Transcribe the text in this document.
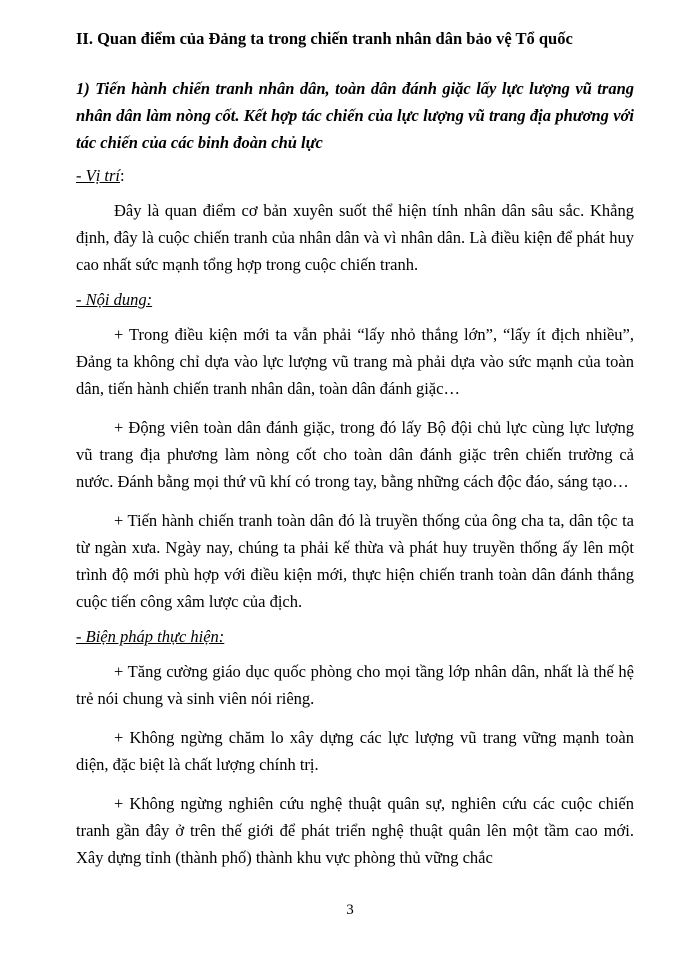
II. Quan điểm của Đảng ta trong chiến tranh nhân dân bảo vệ Tổ quốc
1) Tiến hành chiến tranh nhân dân, toàn dân đánh giặc lấy lực lượng vũ trang nhân dân làm nòng cốt. Kết hợp tác chiến của lực lượng vũ trang địa phương với tác chiến của các binh đoàn chủ lực
- Vị trí:
Đây là quan điểm cơ bản xuyên suốt thể hiện tính nhân dân sâu sắc. Khẳng định, đây là cuộc chiến tranh của nhân dân và vì nhân dân. Là điều kiện để phát huy cao nhất sức mạnh tổng hợp trong cuộc chiến tranh.
- Nội dung:
+ Trong điều kiện mới ta vẫn phải “lấy nhỏ thắng lớn”, “lấy ít địch nhiều”, Đảng ta không chỉ dựa vào lực lượng vũ trang mà phải dựa vào sức mạnh của toàn dân, tiến hành chiến tranh nhân dân, toàn dân đánh giặc…
+ Động viên toàn dân đánh giặc, trong đó lấy Bộ đội chủ lực cùng lực lượng vũ trang địa phương làm nòng cốt cho toàn dân đánh giặc trên chiến trường cả nước. Đánh bằng mọi thứ vũ khí có trong tay, bằng những cách độc đáo, sáng tạo…
+ Tiến hành chiến tranh toàn dân đó là truyền thống của ông cha ta, dân tộc ta từ ngàn xưa. Ngày nay, chúng ta phải kế thừa và phát huy truyền thống ấy lên một trình độ mới phù hợp với điều kiện mới, thực hiện chiến tranh toàn dân đánh thắng cuộc tiến công xâm lược của địch.
- Biện pháp thực hiện:
+ Tăng cường giáo dục quốc phòng cho mọi tầng lớp nhân dân, nhất là thế hệ trẻ nói chung và sinh viên nói riêng.
+ Không ngừng chăm lo xây dựng các lực lượng vũ trang vững mạnh toàn diện, đặc biệt là chất lượng chính trị.
+ Không ngừng nghiên cứu nghệ thuật quân sự, nghiên cứu các cuộc chiến tranh gần đây ở trên thế giới để phát triển nghệ thuật quân lên một tầm cao mới. Xây dựng tỉnh (thành phố) thành khu vực phòng thủ vững chắc
3
